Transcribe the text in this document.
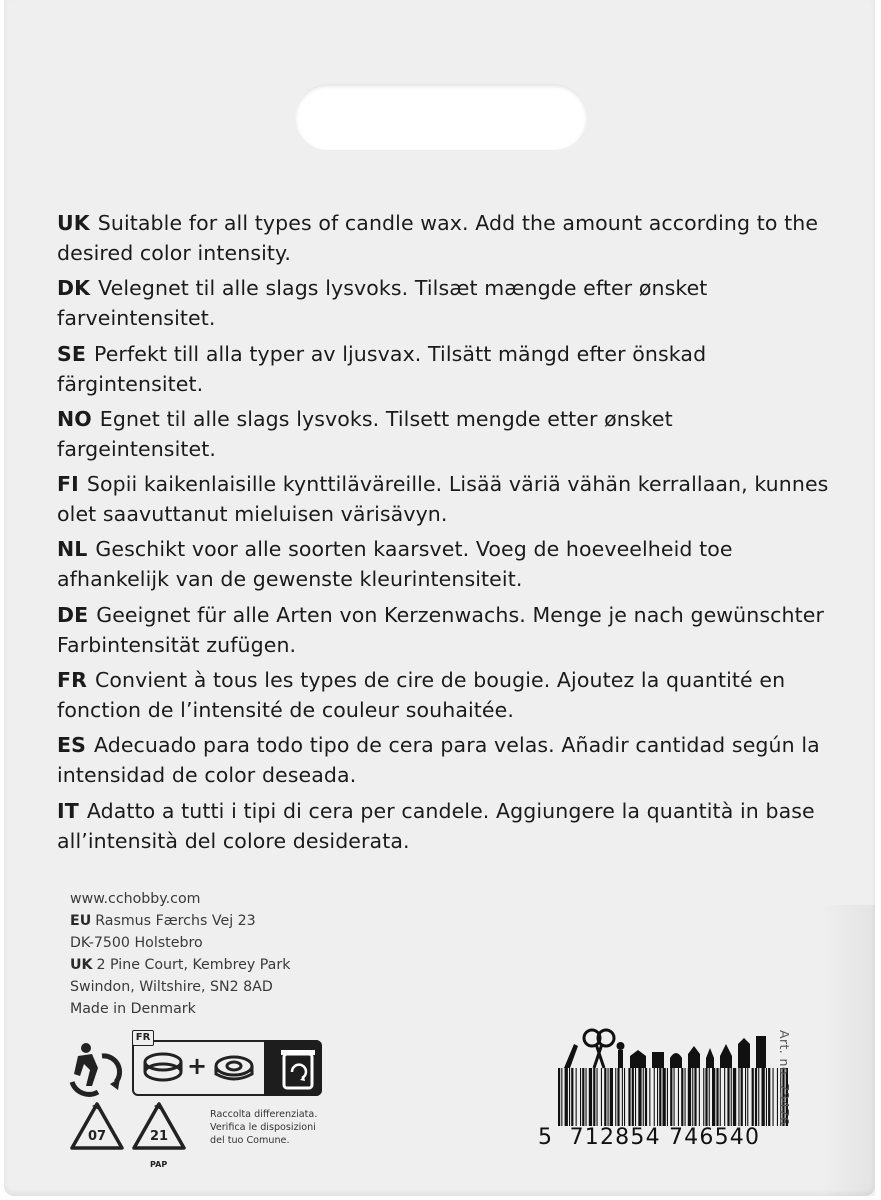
UK Suitable for all types of candle wax. Add the amount according to the desired color intensity.

DK Velegnet til alle slags lysvoks. Tilsæt mængde efter ønsket farveintensitet.

SE Perfekt till alla typer av ljusvax. Tilsätt mängd efter önskad färgintensitet.

NO Egnet til alle slags lysvoks. Tilsett mengde etter ønsket fargeintensitet.

FI Sopii kaikenlaisille kynttiläväreille. Lisää väriä vähän kerrallaan, kunnes olet saavuttanut mieluisen värisävyn.

NL Geschikt voor alle soorten kaarsvet. Voeg de hoeveelheid toe afhankelijk van de gewenste kleurintensiteit.

DE Geeignet für alle Arten von Kerzenwachs. Menge je nach gewünschter Farbintensität zufügen.

FR Convient à tous les types de cire de bougie. Ajoutez la quantité en fonction de l’intensité de couleur souhaitée.

ES Adecuado para todo tipo de cera para velas. Añadir cantidad según la intensidad de color deseada.

IT Adatto a tutti i tipi di cera per candele. Aggiungere la quantità in base all’intensità del colore desiderata.

www.cchobby.com
EU Rasmus Færchs Vej 23
DK-7500 Holstebro
UK 2 Pine Court, Kembrey Park
Swindon, Wiltshire, SN2 8AD
Made in Denmark
FR
+
07	21
PAP
Raccolta differenziata.
Verifica le disposizioni
del tuo Comune.	5 712854 746540
Art. no. 73476
